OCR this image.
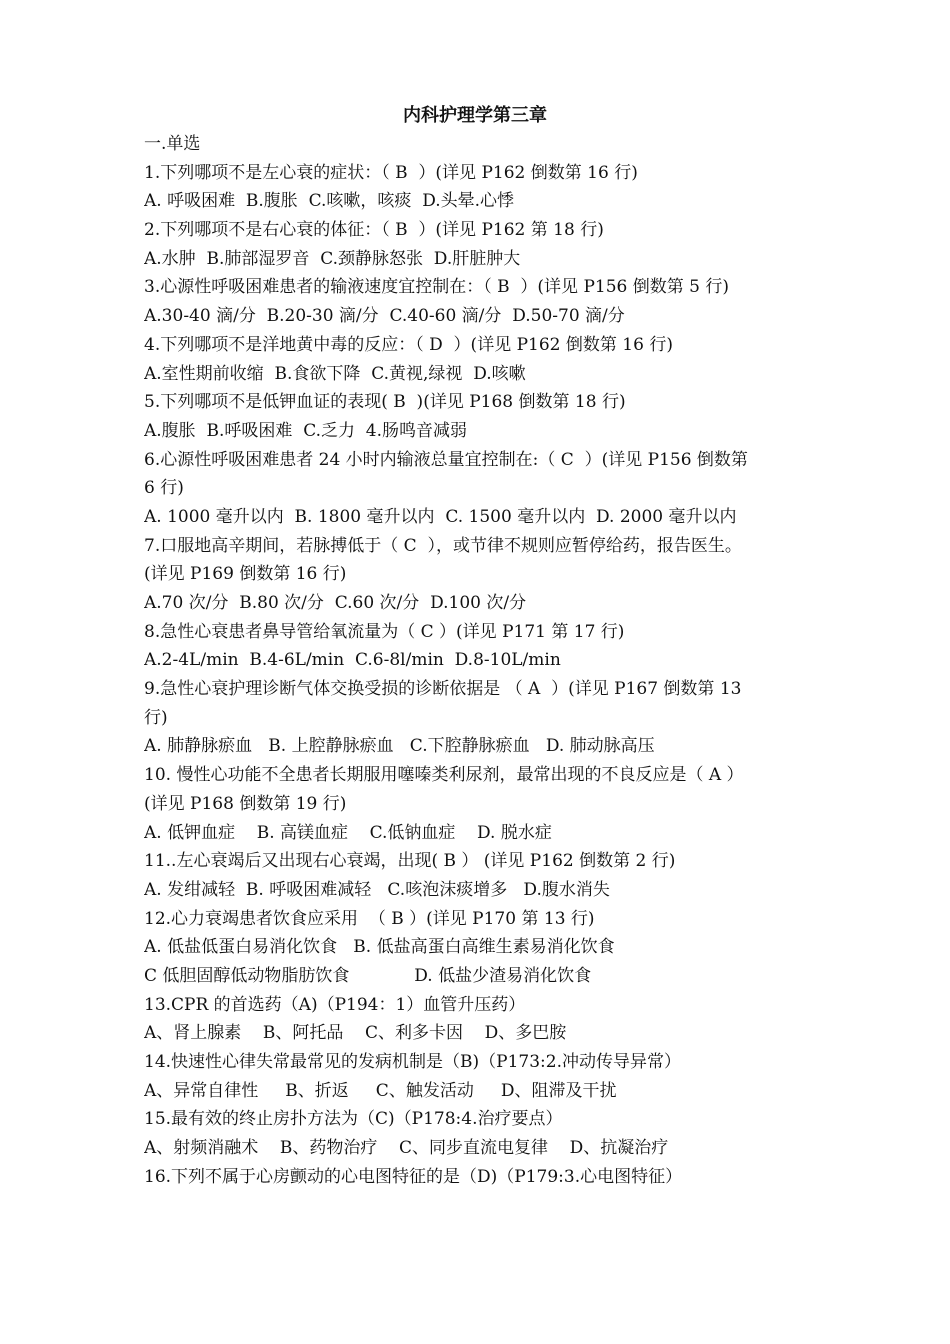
内科护理学第三章
一.单选
1.下列哪项不是左心衰的症状：（ B  ）(详见 P162 倒数第 16 行)
A. 呼吸困难  B.腹胀  C.咳嗽，咳痰  D.头晕.心悸
2.下列哪项不是右心衰的体征：（ B  ）(详见 P162 第 18 行)
A.水肿  B.肺部湿罗音  C.颈静脉怒张  D.肝脏肿大
3.心源性呼吸困难患者的输液速度宜控制在：（ B  ）(详见 P156 倒数第 5 行)
A.30-40 滴/分  B.20-30 滴/分  C.40-60 滴/分  D.50-70 滴/分
4.下列哪项不是洋地黄中毒的反应：（ D  ）(详见 P162 倒数第 16 行)
A.室性期前收缩  B.食欲下降  C.黄视,绿视  D.咳嗽
5.下列哪项不是低钾血证的表现( B  )(详见 P168 倒数第 18 行)
A.腹胀  B.呼吸困难  C.乏力  4.肠鸣音减弱
6.心源性呼吸困难患者 24 小时内输液总量宜控制在:（ C  ）(详见 P156 倒数第
6 行)
A. 1000 毫升以内  B. 1800 毫升以内  C. 1500 毫升以内  D. 2000 毫升以内
7.口服地高辛期间，若脉搏低于（ C  ），或节律不规则应暂停给药，报告医生。
(详见 P169 倒数第 16 行)
A.70 次/分  B.80 次/分  C.60 次/分  D.100 次/分
8.急性心衰患者鼻导管给氧流量为（ C ）(详见 P171 第 17 行)
A.2-4L/min  B.4-6L/min  C.6-8l/min  D.8-10L/min
9.急性心衰护理诊断气体交换受损的诊断依据是 （ A  ）(详见 P167 倒数第 13
行)
A. 肺静脉瘀血   B. 上腔静脉瘀血   C.下腔静脉瘀血   D. 肺动脉高压
10. 慢性心功能不全患者长期服用噻嗪类利尿剂，最常出现的不良反应是（ A ）
(详见 P168 倒数第 19 行)
A. 低钾血症    B. 高镁血症    C.低钠血症    D. 脱水症
11..左心衰竭后又出现右心衰竭，出现( B ） (详见 P162 倒数第 2 行)
A. 发绀减轻  B. 呼吸困难减轻   C.咳泡沫痰增多   D.腹水消失
12.心力衰竭患者饮食应采用  （ B ）(详见 P170 第 13 行)
A. 低盐低蛋白易消化饮食   B. 低盐高蛋白高维生素易消化饮食
C 低胆固醇低动物脂肪饮食            D. 低盐少渣易消化饮食
13.CPR 的首选药（A)（P194：1）血管升压药）
A、肾上腺素    B、阿托品    C、利多卡因    D、多巴胺
14.快速性心律失常最常见的发病机制是（B)（P173:2.冲动传导异常）
A、异常自律性     B、折返     C、触发活动     D、阻滞及干扰
15.最有效的终止房扑方法为（C)（P178:4.治疗要点）
A、射频消融术    B、药物治疗    C、同步直流电复律    D、抗凝治疗
16.下列不属于心房颤动的心电图特征的是（D)（P179:3.心电图特征）
